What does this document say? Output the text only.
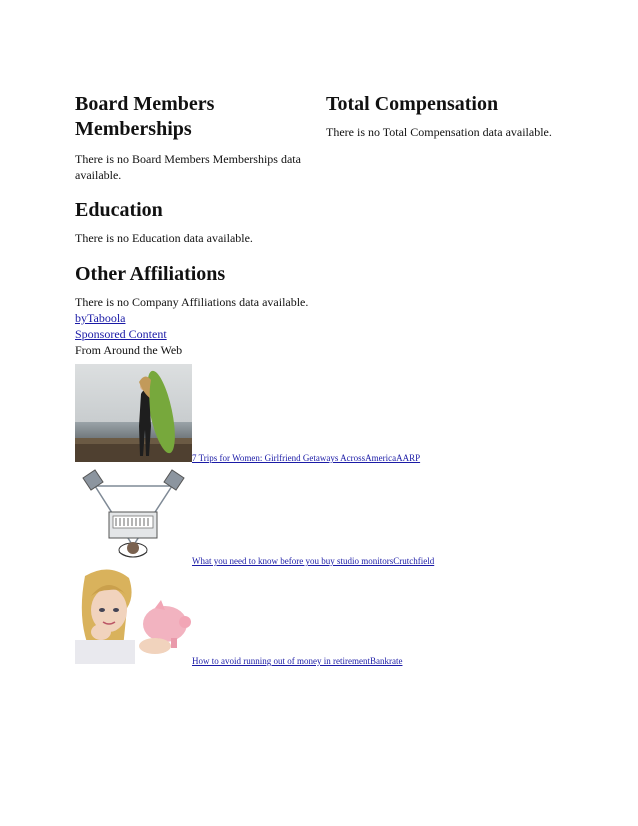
Board Members Memberships

There is no Board Members Memberships data available.

Education

There is no Education data available.

Other Affiliations

There is no Company Affiliations data available.

byTaboola
Sponsored Content
From Around the Web
Total Compensation

There is no Total Compensation data available.

7 Trips for Women: Girlfriend Getaways AcrossAmericaAARP
What you need to know before you buy studio monitorsCrutchfield
How to avoid running out of money in retirementBankrate
